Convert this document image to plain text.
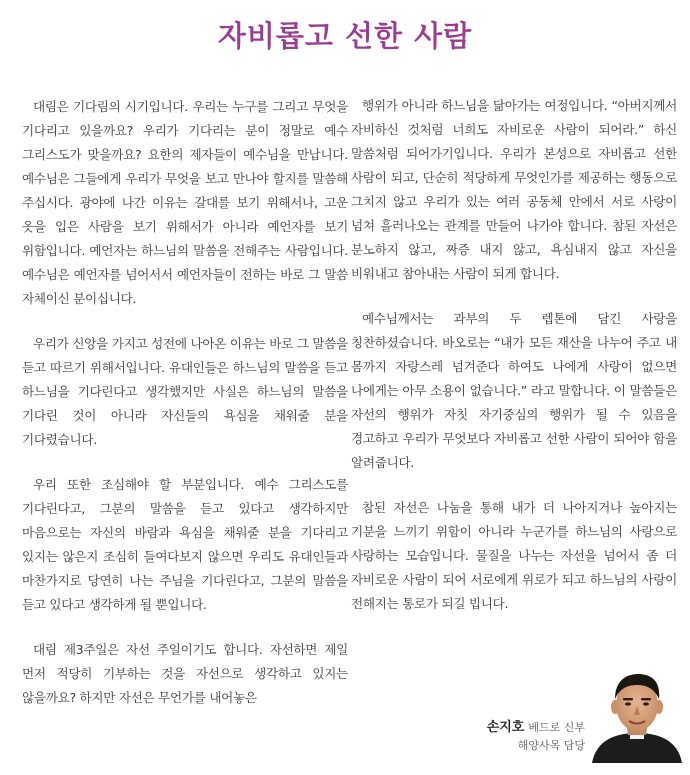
자비롭고 선한 사람

대림은 기다림의 시기입니다. 우리는 누구를 그리고 무엇을 기다리고 있을까요? 우리가 기다리는 분이 정말로 예수 그리스도가 맞을까요? 요한의 제자들이 예수님을 만납니다. 예수님은 그들에게 우리가 무엇을 보고 만나야 할지를 말씀해 주십시다. 광야에 나간 이유는 갈대를 보기 위해서나, 고운 옷을 입은 사람을 보기 위해서가 아니라 예언자를 보기 위함입니다. 예언자는 하느님의 말씀을 전해주는 사람입니다. 예수님은 예언자를 넘어서서 예언자들이 전하는 바로 그 말씀 자체이신 분이십니다.

우리가 신앙을 가지고 성전에 나아온 이유는 바로 그 말씀을 듣고 따르기 위해서입니다. 유대인들은 하느님의 말씀을 듣고 하느님을 기다린다고 생각했지만 사실은 하느님의 말씀을 기다린 것이 아니라 자신들의 욕심을 채워줄 분을 기다렸습니다.

우리 또한 조심해야 할 부분입니다. 예수 그리스도를 기다린다고, 그분의 말씀을 듣고 있다고 생각하지만 마음으로는 자신의 바람과 욕심을 채워줄 분을 기다리고 있지는 않은지 조심히 들여다보지 않으면 우리도 유대인들과 마찬가지로 당연히 나는 주님을 기다린다고, 그분의 말씀을 듣고 있다고 생각하게 될 뿐입니다.

대림 제3주일은 자선 주일이기도 합니다. 자선하면 제일 먼저 적당히 기부하는 것을 자선으로 생각하고 있지는 않을까요? 하지만 자선은 무언가를 내어놓은

행위가 아니라 하느님을 닮아가는 여정입니다. “아버지께서 자비하신 것처럼 너희도 자비로운 사람이 되어라.” 하신 말씀처럼 되어가기입니다. 우리가 본성으로 자비롭고 선한 사람이 되고, 단순히 적당하게 무엇인가를 제공하는 행동으로 그치지 않고 우리가 있는 여러 공동체 안에서 서로 사랑이 넘쳐 흘러나오는 관계를 만들어 나가야 합니다. 참된 자선은 분노하지 않고, 짜증 내지 않고, 욕심내지 않고 자신을 비워내고 참아내는 사람이 되게 합니다.

예수님께서는 과부의 두 렙톤에 담긴 사랑을 칭찬하셨습니다. 바오로는 “내가 모든 재산을 나누어 주고 내 몸까지 자랑스레 넘겨준다 하여도 나에게 사랑이 없으면 나에게는 아무 소용이 없습니다.” 라고 말합니다. 이 말씀들은 자선의 행위가 자칫 자기중심의 행위가 될 수 있음을 경고하고 우리가 무엇보다 자비롭고 선한 사람이 되어야 함을 알려줍니다.

참된 자선은 나눔을 통해 내가 더 나아지거나 높아지는 기분을 느끼기 위함이 아니라 누군가를 하느님의 사랑으로 사랑하는 모습입니다. 물질을 나누는 자선을 넘어서 좀 더 자비로운 사람이 되어 서로에게 위로가 되고 하느님의 사랑이 전해지는 통로가 되길 빕니다.

손지호 베드로 신부
해양사목 담당
